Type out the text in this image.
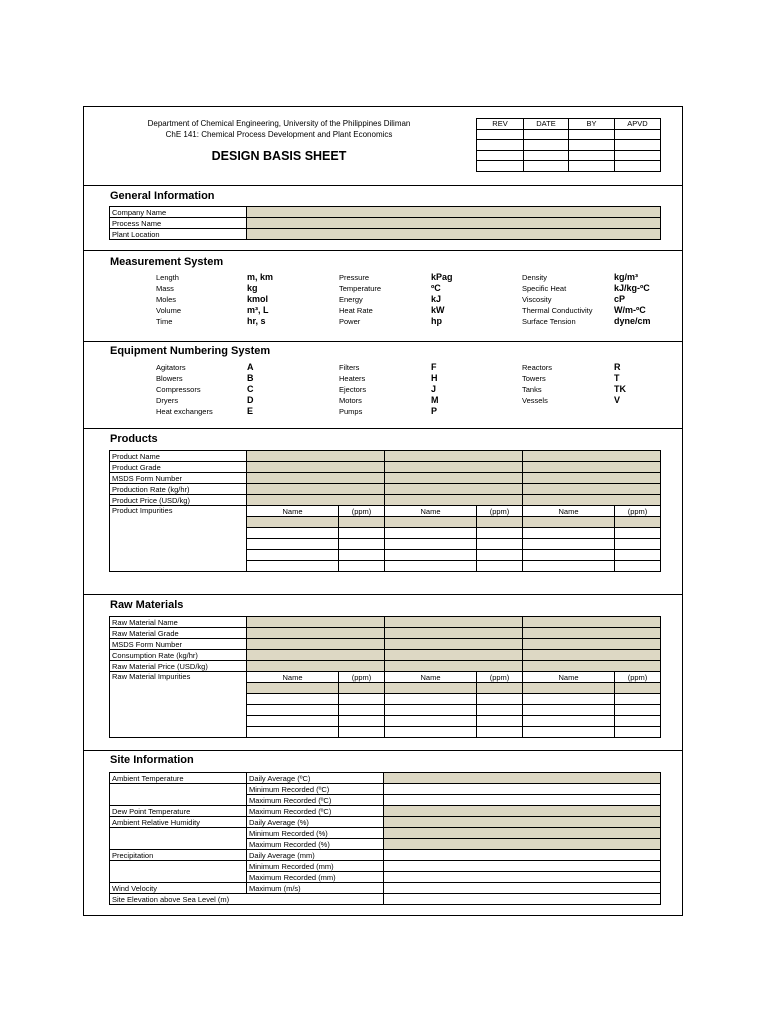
Department of Chemical Engineering, University of the Philippines Diliman
ChE 141: Chemical Process Development and Plant Economics
DESIGN BASIS SHEET
REV	DATE	BY	APVD

General Information
Company Name	
Process Name	
Plant Location	
Measurement System
Length	m, km
Mass	kg
Moles	kmol
Volume	m³, L
Time	hr, s
Pressure	kPag
Temperature	ºC
Energy	kJ
Heat Rate	kW
Power	hp
Density	kg/m³
Specific Heat	kJ/kg-ºC
Viscosity	cP
Thermal Conductivity W/m-ºC
Surface Tension	dyne/cm
Equipment Numbering System
Agitators	A
Blowers	B
Compressors	C
Dryers	D
Heat exchangers	E
Filters	F
Heaters	H
Ejectors	J
Motors	M
Pumps	P
Reactors	R
Towers	T
Tanks	TK
Vessels	V
Products
Product Name						
Product Grade						
MSDS Form Number						
Production Rate (kg/hr)						
Product Price (USD/kg)						
Product Impurities	Name	(ppm)	Name	(ppm)	Name	(ppm)

Raw Materials
Raw Material Name						
Raw Material Grade						
MSDS Form Number						
Consumption Rate (kg/hr)						
Raw Material Price (USD/kg)						
Raw Material Impurities	Name	(ppm)	Name	(ppm)	Name	(ppm)

Site Information
Ambient Temperature	Daily Average (ºC)	
	Minimum Recorded (ºC)	
	Maximum Recorded (ºC)	
Dew Point Temperature	Maximum Recorded (ºC)	
Ambient Relative Humidity	Daily Average (%)	
	Minimum Recorded (%)	
	Maximum Recorded (%)	
Precipitation	Daily Average (mm)	
	Minimum Recorded (mm)	
	Maximum Recorded (mm)	
Wind Velocity	Maximum (m/s)	
Site Elevation above Sea Level (m)		
